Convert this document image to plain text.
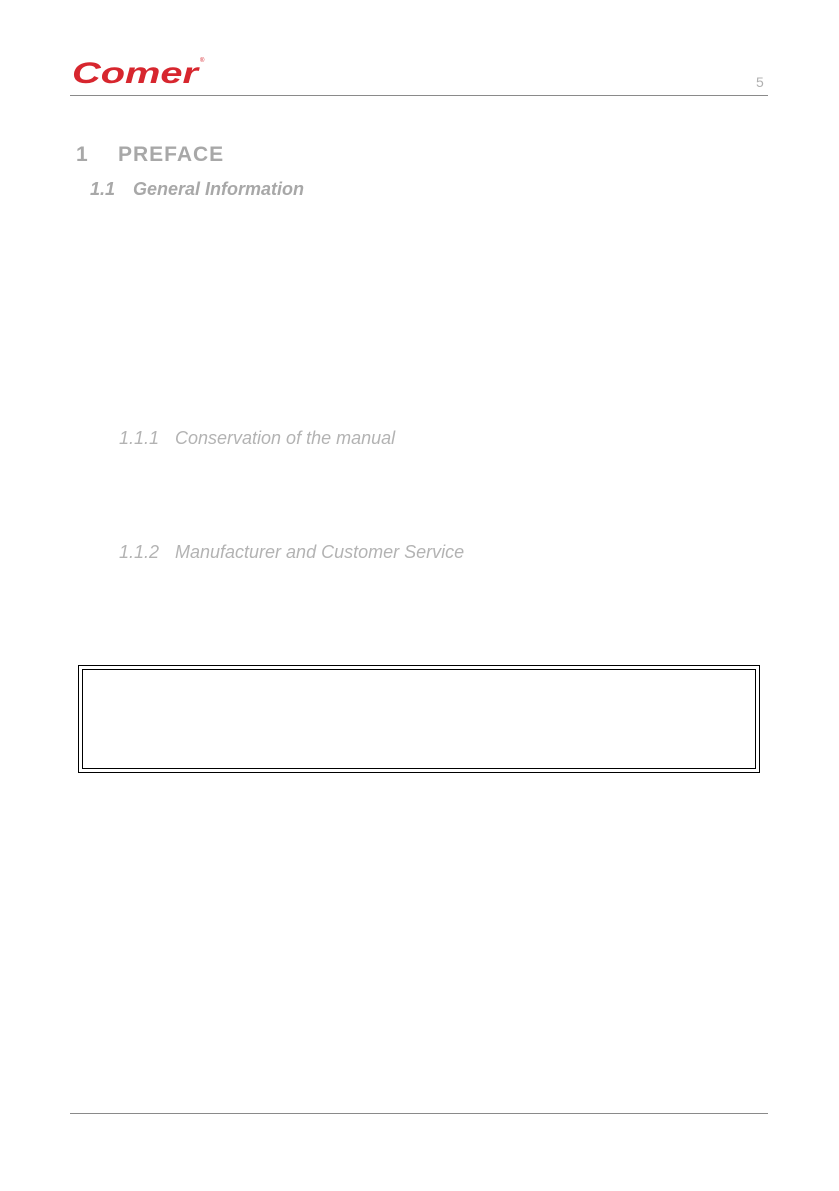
Comer
®
5
1 PREFACE
1.1 General Information
1.1.1 Conservation of the manual
1.1.2 Manufacturer and Customer Service
